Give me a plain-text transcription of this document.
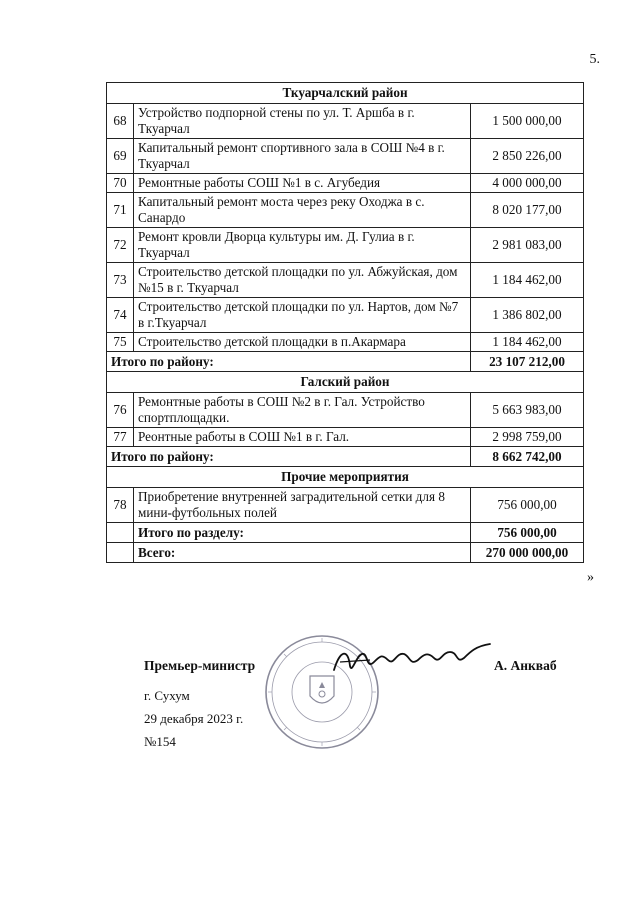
5.
Ткуарчалский район		
68	Устройство подпорной стены по ул. Т. Аршба в г. Ткуарчал	1 500 000,00
69	Капитальный ремонт спортивного зала в СОШ №4 в г. Ткуарчал	2 850 226,00
70	Ремонтные работы СОШ №1 в с. Агубедия	4 000 000,00
71	Капитальный ремонт моста через реку Оходжа в с. Санардо	8 020 177,00
72	Ремонт кровли Дворца культуры им. Д. Гулиа в г. Ткуарчал	2 981 083,00
73	Строительство детской площадки по ул. Абжуйская, дом №15 в г. Ткуарчал	1 184 462,00
74	Строительство детской площадки по ул. Нартов, дом №7 в г.Ткуарчал	1 386 802,00
75	Строительство детской площадки в п.Акармара	1 184 462,00
Итого по району:		23 107 212,00
Галский район		
76	Ремонтные работы в СОШ №2 в г. Гал. Устройство спортплощадки.	5 663 983,00
77	Реонтные работы в СОШ №1 в г. Гал.	2 998 759,00
Итого по району:		8 662 742,00
Прочие мероприятия		
78	Приобретение внутренней заградительной сетки для 8 мини-футбольных полей	756 000,00
	Итого по разделу:	756 000,00
	Всего:	270 000 000,00
»
Премьер-министр	А. Анкваб
г. Сухум
29 декабря 2023 г.
№154
